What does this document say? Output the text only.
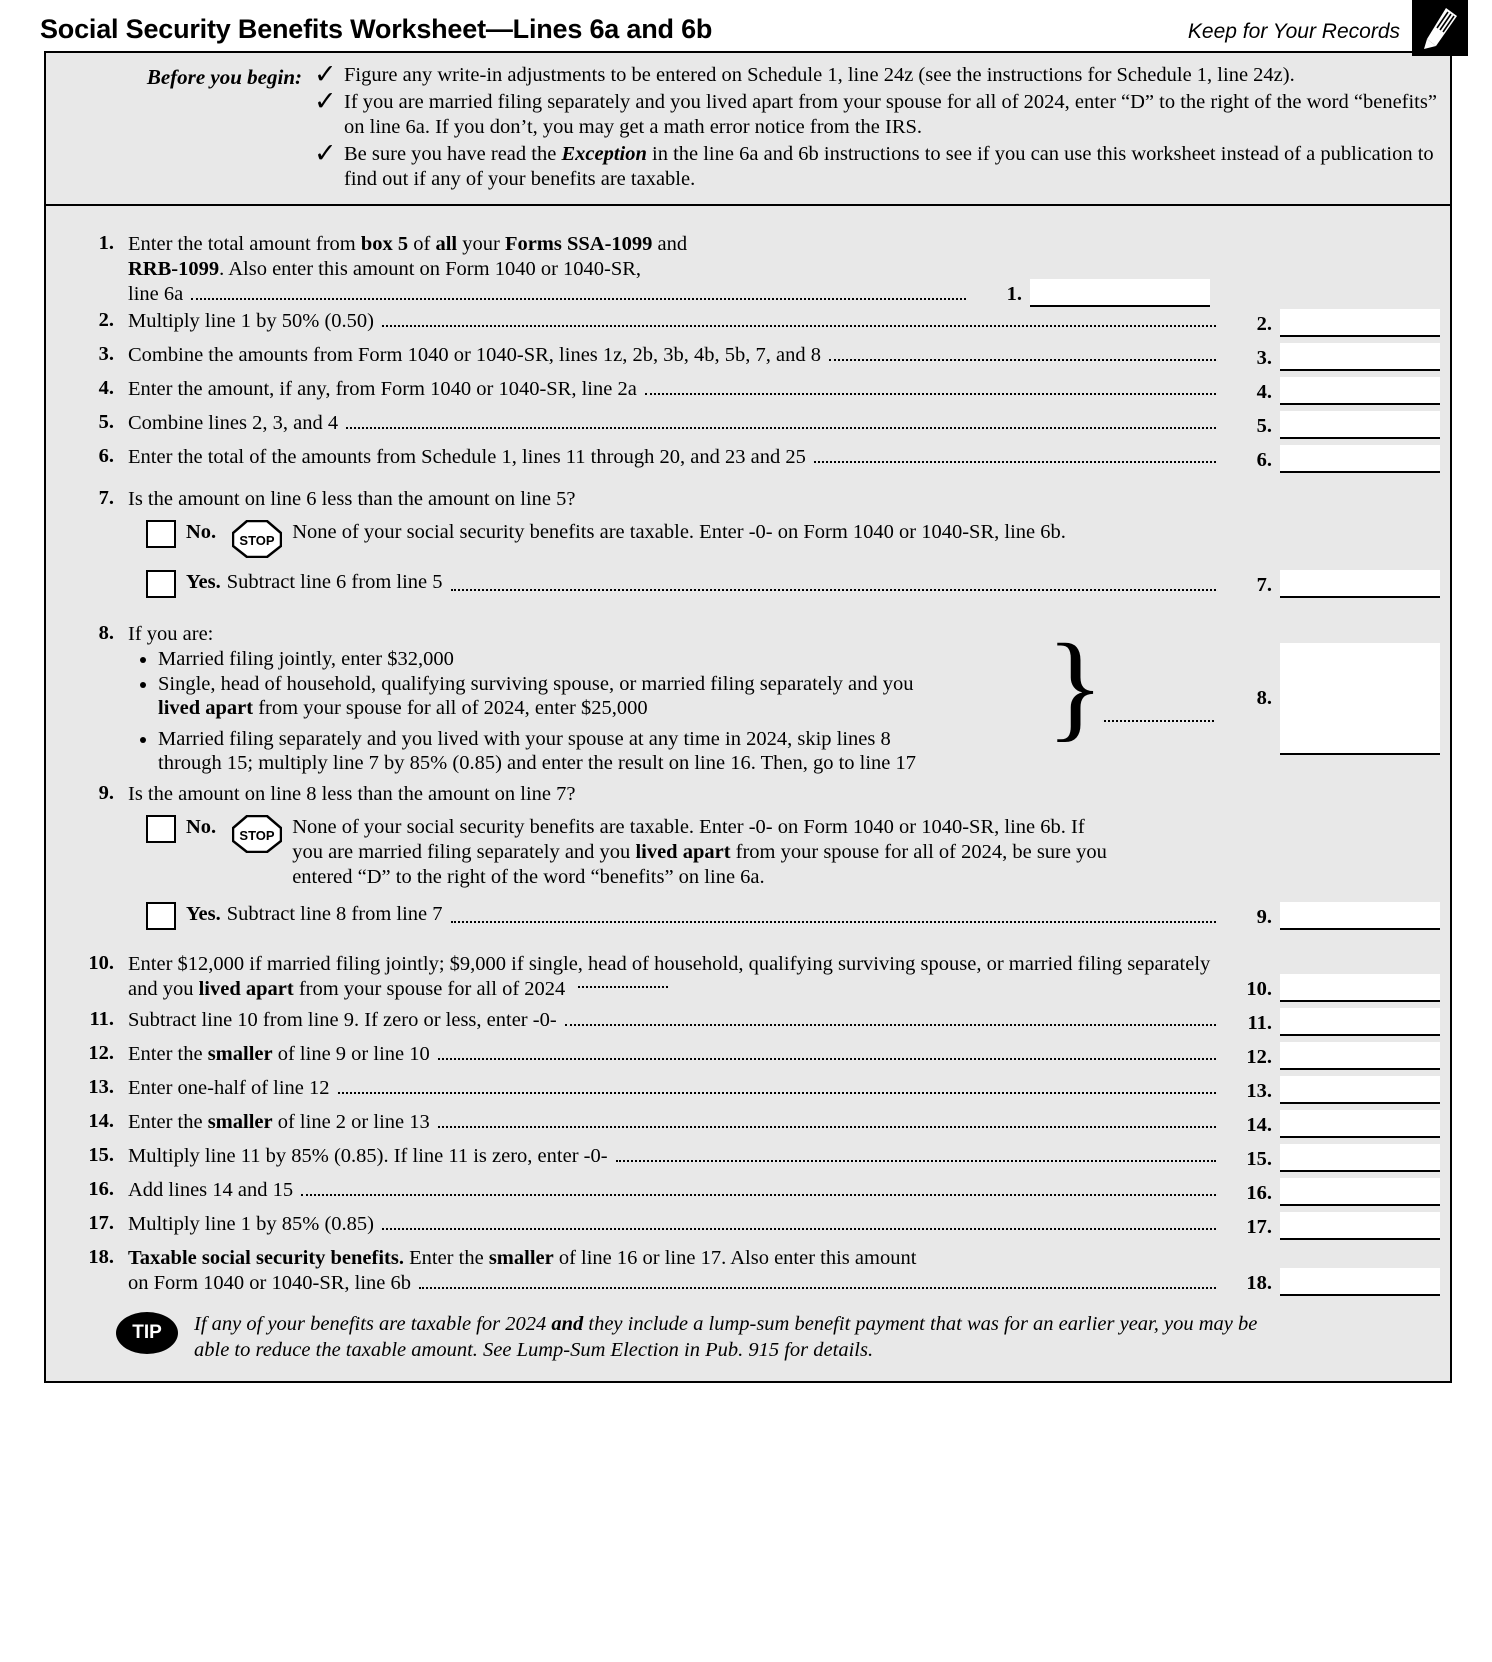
Social Security Benefits Worksheet—Lines 6a and 6b	Keep for Your Records
Before you begin: ✓ Figure any write-in adjustments to be entered on Schedule 1, line 24z (see the instructions for Schedule 1, line 24z).
✓ If you are married filing separately and you lived apart from your spouse for all of 2024, enter “D” to the right of the word “benefits” on line 6a. If you don’t, you may get a math error notice from the IRS.
✓ Be sure you have read the Exception in the line 6a and 6b instructions to see if you can use this worksheet instead of a publication to find out if any of your benefits are taxable.
1. Enter the total amount from box 5 of all your Forms SSA-1099 and
RRB-1099. Also enter this amount on Form 1040 or 1040-SR,

line 6a	1.
2. Multiply line 1 by 50% (0.50)	2.
3. Combine the amounts from Form 1040 or 1040-SR, lines 1z, 2b, 3b, 4b, 5b, 7, and 8	3.
4. Enter the amount, if any, from Form 1040 or 1040-SR, line 2a	4.
5. Combine lines 2, 3, and 4	5.
6. Enter the total of the amounts from Schedule 1, lines 11 through 20, and 23 and 25	6.
7. Is the amount on line 6 less than the amount on line 5?
No. STOP None of your social security benefits are taxable. Enter -0- on Form 1040 or 1040-SR, line 6b.
Yes. Subtract line 6 from line 5	7.
8. If you are:
• Married filing jointly, enter $32,000
• Single, head of household, qualifying surviving spouse, or married filing separately and you lived apart from your spouse for all of 2024, enter $25,000
• Married filing separately and you lived with your spouse at any time in 2024, skip lines 8 through 15; multiply line 7 by 85% (0.85) and enter the result on line 16. Then, go to line 17
}	8.
9. Is the amount on line 8 less than the amount on line 7?
No. STOP None of your social security benefits are taxable. Enter -0- on Form 1040 or 1040-SR, line 6b. If you are married filing separately and you lived apart from your spouse for all of 2024, be sure you entered “D” to the right of the word “benefits” on line 6a.
Yes. Subtract line 8 from line 7	9.
10. Enter $12,000 if married filing jointly; $9,000 if single, head of household, qualifying surviving spouse, or married filing separately and you lived apart from your spouse for all of 2024	10.
11. Subtract line 10 from line 9. If zero or less, enter -0-	11.
12. Enter the smaller of line 9 or line 10	12.
13. Enter one-half of line 12	13.
14. Enter the smaller of line 2 or line 13	14.
15. Multiply line 11 by 85% (0.85). If line 11 is zero, enter -0-	15.
16. Add lines 14 and 15	16.
17. Multiply line 1 by 85% (0.85)	17.
18. Taxable social security benefits. Enter the smaller of line 16 or line 17. Also enter this amount
on Form 1040 or 1040-SR, line 6b	18.
TIP	If any of your benefits are taxable for 2024 and they include a lump-sum benefit payment that was for an earlier year, you may be able to reduce the taxable amount. See Lump-Sum Election in Pub. 915 for details.
